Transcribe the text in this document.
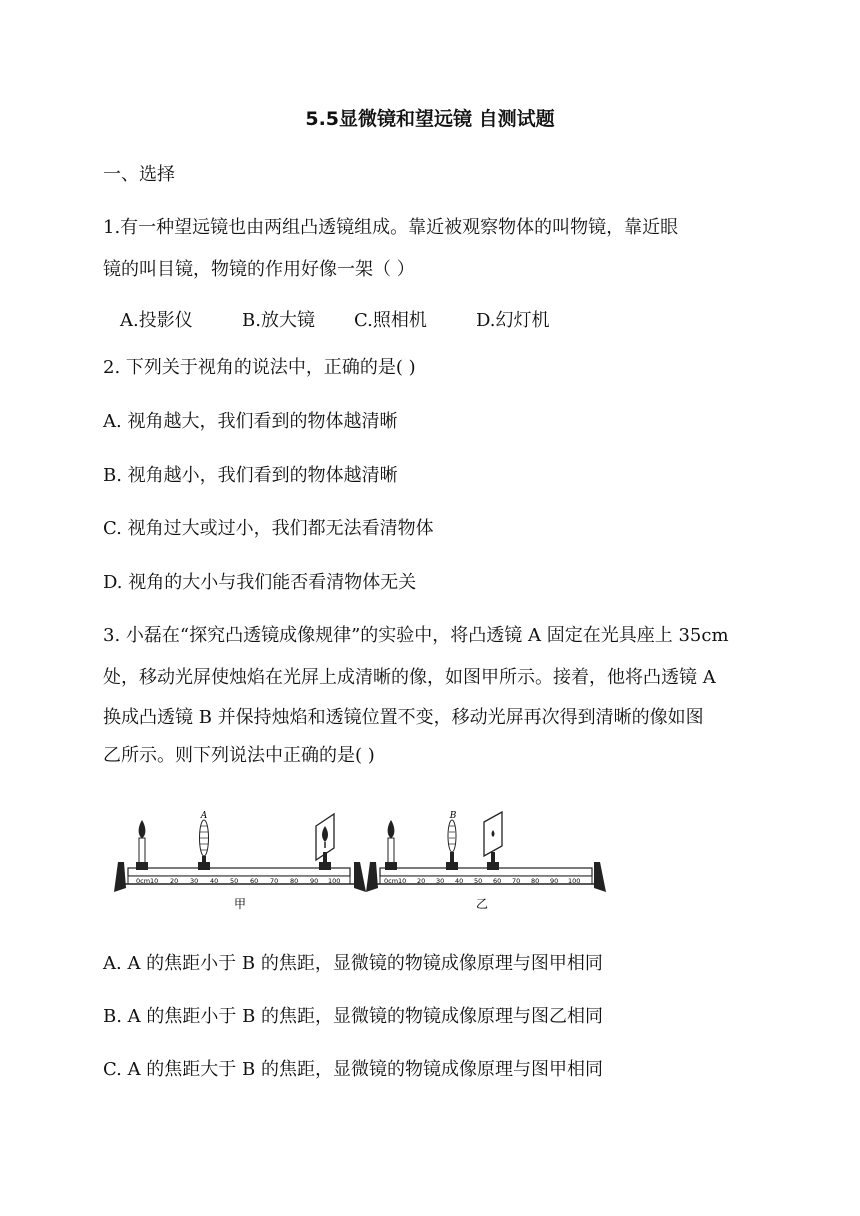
5.5显微镜和望远镜 自测试题
一、选择
1.有一种望远镜也由两组凸透镜组成。靠近被观察物体的叫物镜，靠近眼
镜的叫目镜，物镜的作用好像一架（ ）
A.投影仪	B.放大镜 C.照相机	D.幻灯机
2. 下列关于视角的说法中，正确的是( )
A. 视角越大，我们看到的物体越清晰
B. 视角越小，我们看到的物体越清晰
C. 视角过大或过小，我们都无法看清物体
D. 视角的大小与我们能否看清物体无关
3. 小磊在“探究凸透镜成像规律”的实验中，将凸透镜 A 固定在光具座上 35cm
处，移动光屏使烛焰在光屏上成清晰的像，如图甲所示。接着，他将凸透镜 A
换成凸透镜 B 并保持烛焰和透镜位置不变，移动光屏再次得到清晰的像如图
乙所示。则下列说法中正确的是( )
A
0cm 10 20 30 40 50 60 70 80 90 100
甲
B
0cm 10 20 30 40 50 60 70 80 90 100
乙
A. A 的焦距小于 B 的焦距，显微镜的物镜成像原理与图甲相同
B. A 的焦距小于 B 的焦距，显微镜的物镜成像原理与图乙相同
C. A 的焦距大于 B 的焦距，显微镜的物镜成像原理与图甲相同
